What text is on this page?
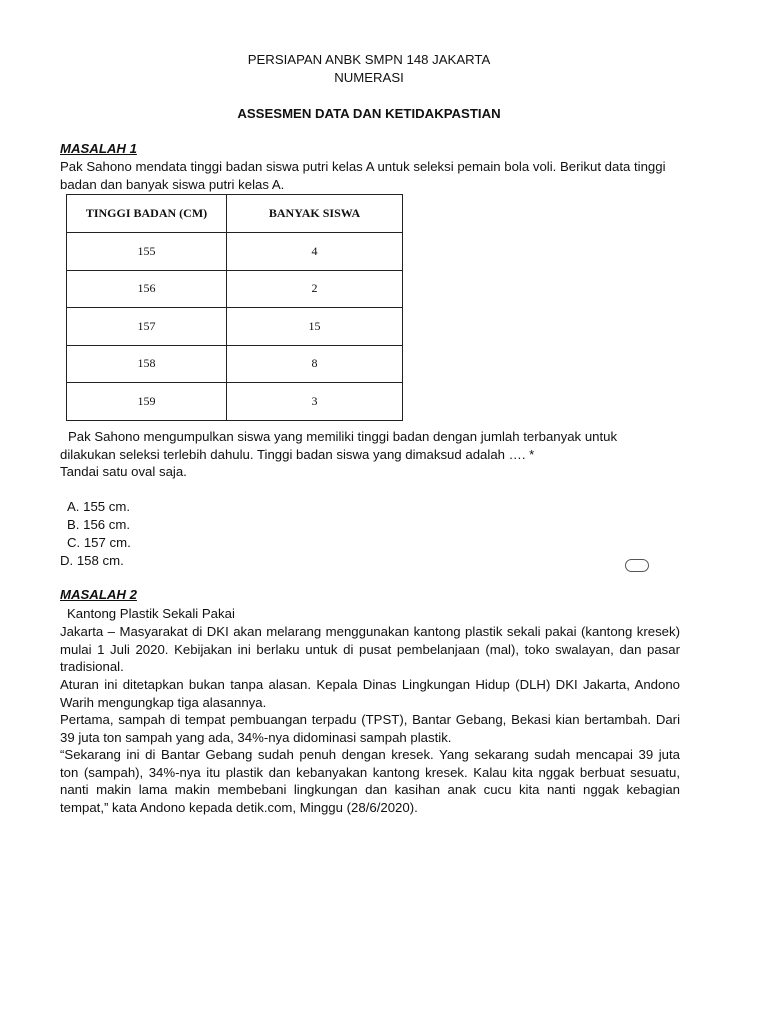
PERSIAPAN ANBK SMPN 148 JAKARTA
NUMERASI
ASSESMEN DATA DAN KETIDAKPASTIAN
MASALAH 1
Pak Sahono mendata tinggi badan siswa putri kelas A untuk seleksi pemain bola voli. Berikut data tinggi badan dan banyak siswa putri kelas A.
TINGGI BADAN (CM)	BANYAK SISWA
155	4
156	2
157	15
158	8
159	3
Pak Sahono mengumpulkan siswa yang memiliki tinggi badan dengan jumlah terbanyak untuk dilakukan seleksi terlebih dahulu. Tinggi badan siswa yang dimaksud adalah …. *
Tandai satu oval saja.
A. 155 cm.
B. 156 cm.
C. 157 cm.
D. 158 cm.
MASALAH 2
Kantong Plastik Sekali Pakai
Jakarta – Masyarakat di DKI akan melarang menggunakan kantong plastik sekali pakai (kantong kresek) mulai 1 Juli 2020. Kebijakan ini berlaku untuk di pusat pembelanjaan (mal), toko swalayan, dan pasar tradisional.
Aturan ini ditetapkan bukan tanpa alasan. Kepala Dinas Lingkungan Hidup (DLH) DKI Jakarta, Andono Warih mengungkap tiga alasannya.
Pertama, sampah di tempat pembuangan terpadu (TPST), Bantar Gebang, Bekasi kian bertambah. Dari 39 juta ton sampah yang ada, 34%-nya didominasi sampah plastik.
“Sekarang ini di Bantar Gebang sudah penuh dengan kresek. Yang sekarang sudah mencapai 39 juta   ton (sampah), 34%-nya itu plastik dan kebanyakan kantong kresek. Kalau kita nggak berbuat sesuatu, nanti makin lama makin membebani lingkungan dan kasihan anak cucu kita nanti nggak kebagian tempat,” kata Andono kepada detik.com, Minggu (28/6/2020).
